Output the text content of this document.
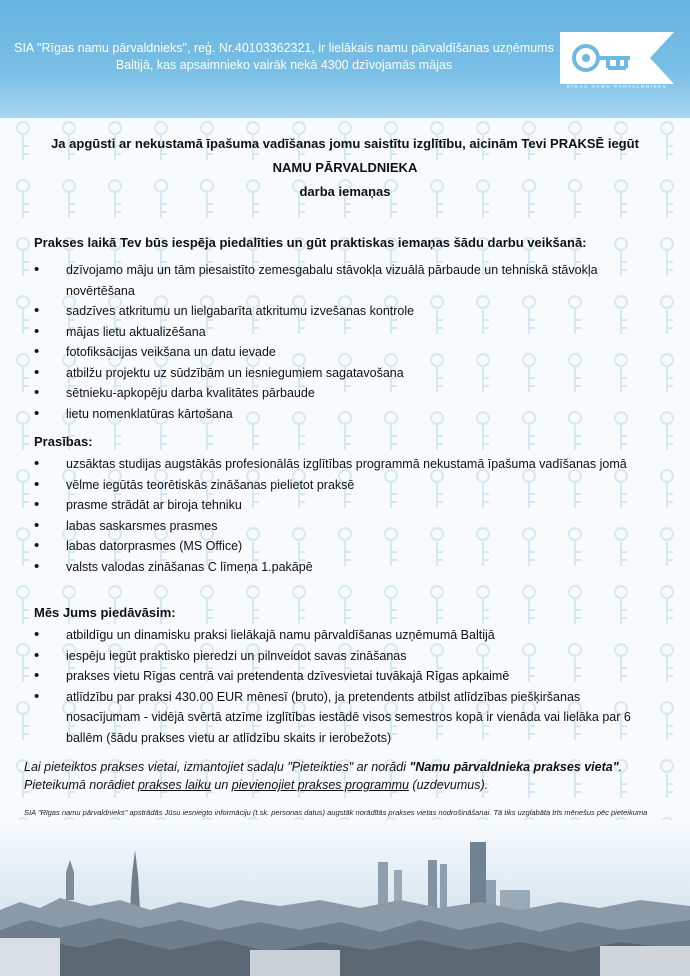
SIA "Rīgas namu pārvaldnieks", reģ. Nr.40103362321, ir lielākais namu pārvaldīšanas uzņēmums Baltijā, kas apsaimnieko vairāk nekā 4300 dzīvojamās mājas
RĪGAS NAMU PĀRVALDNIEKS
Ja apgūsti ar nekustamā īpašuma vadīšanas jomu saistītu izglītību, aicinām Tevi PRAKSĒ iegūt
NAMU PĀRVALDNIEKA
darba iemaņas
Prakses laikā Tev būs iespēja piedalīties un gūt praktiskas iemaņas šādu darbu veikšanā:
• dzīvojamo māju un tām piesaistīto zemesgabalu stāvokļa vizuālā pārbaude un tehniskā stāvokļa novērtēšana
• sadzīves atkritumu un lielgabarīta atkritumu izvešanas kontrole
• mājas lietu aktualizēšana
• fotofiksācijas veikšana un datu ievade
• atbilžu projektu uz sūdzībām un iesniegumiem sagatavošana
• sētnieku-apkopēju darba kvalitātes pārbaude
• lietu nomenklatūras kārtošana
Prasības:
• uzsāktas studijas augstākās profesionālās izglītības programmā nekustamā īpašuma vadīšanas jomā
• vēlme iegūtās teorētiskās zināšanas pielietot praksē
• prasme strādāt ar biroja tehniku
• labas saskarsmes prasmes
• labas datorprasmes (MS Office)
• valsts valodas zināšanas C līmeņa 1.pakāpē
Mēs Jums piedāvāsim:
• atbildīgu un dinamisku praksi lielākajā namu pārvaldīšanas uzņēmumā Baltijā
• iespēju iegūt praktisko pieredzi un pilnveidot savas zināšanas
• prakses vietu Rīgas centrā vai pretendenta dzīvesvietai tuvākajā Rīgas apkaimē
• atlīdzību par praksi 430.00 EUR mēnesī (bruto), ja pretendents atbilst atlīdzības piešķiršanas nosacījumam - vidējā svērtā atzīme izglītības iestādē visos semestros kopā ir vienāda vai lielāka par 6 ballēm (šādu prakses vietu ar atlīdzību skaits ir ierobežots)
Lai pieteiktos prakses vietai, izmantojiet sadaļu "Pieteikties" ar norādi "Namu pārvaldnieka prakses vieta". Pieteikumā norādiet prakses laiku un pievienojiet prakses programmu (uzdevumus).
SIA "Rīgas namu pārvaldnieks" apstrādās Jūsu iesniegto informāciju (t.sk. personas datus) augstāk norādītās prakses vietas nodrošināšanai. Tā tiks uzglabāta trīs mēnešus pēc pieteikuma
